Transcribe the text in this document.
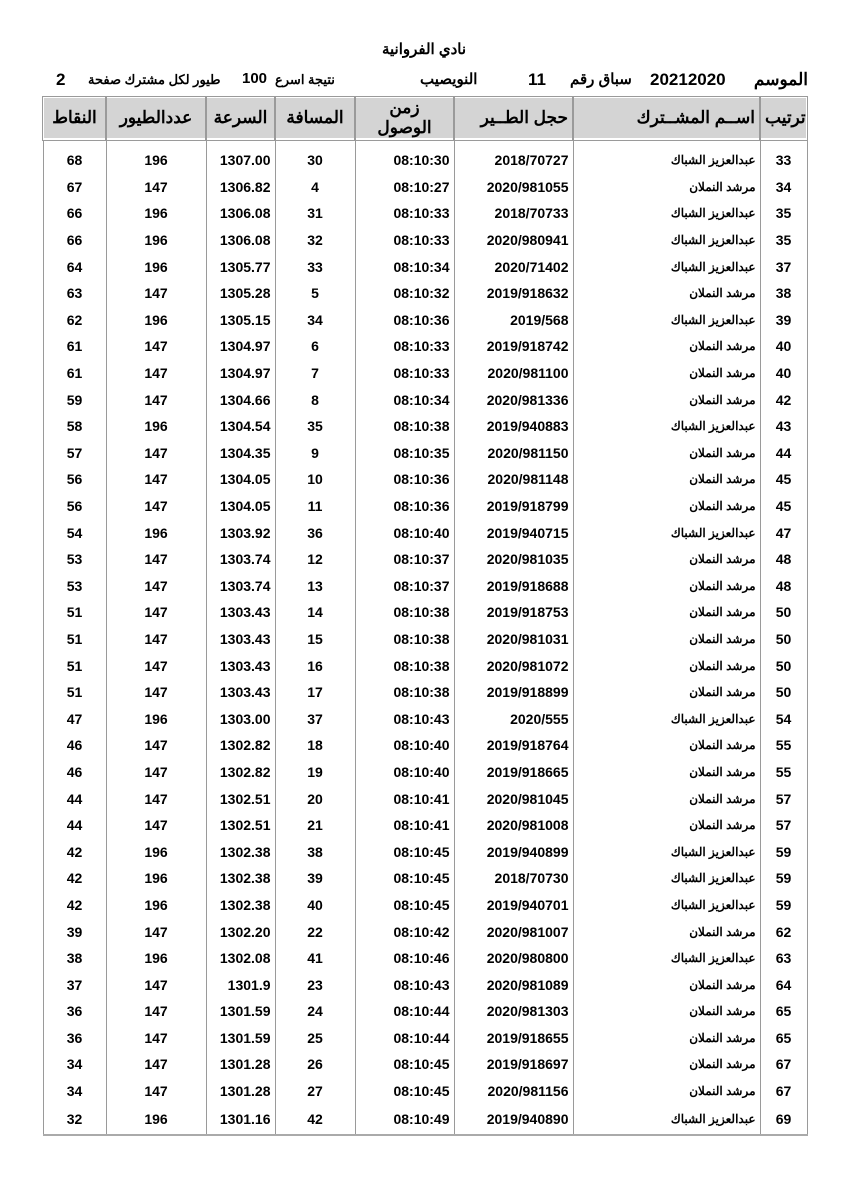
نادي الفروانية
الموسم
20212020
سباق رقم
11
النويصيب
نتيجة اسرع
100
طيور لكل مشترك صفحة
2
النقاط	عددالطيور	السرعة	المسافة	زمن الوصول	حجل الطــير	اســم المشــترك	ترتيب
68	196	1307.00	30	08:10:30	2018/70727	عبدالعزيز الشباك	33
67	147	1306.82	4	08:10:27	2020/981055	مرشد النملان	34
66	196	1306.08	31	08:10:33	2018/70733	عبدالعزيز الشباك	35
66	196	1306.08	32	08:10:33	2020/980941	عبدالعزيز الشباك	35
64	196	1305.77	33	08:10:34	2020/71402	عبدالعزيز الشباك	37
63	147	1305.28	5	08:10:32	2019/918632	مرشد النملان	38
62	196	1305.15	34	08:10:36	2019/568	عبدالعزيز الشباك	39
61	147	1304.97	6	08:10:33	2019/918742	مرشد النملان	40
61	147	1304.97	7	08:10:33	2020/981100	مرشد النملان	40
59	147	1304.66	8	08:10:34	2020/981336	مرشد النملان	42
58	196	1304.54	35	08:10:38	2019/940883	عبدالعزيز الشباك	43
57	147	1304.35	9	08:10:35	2020/981150	مرشد النملان	44
56	147	1304.05	10	08:10:36	2020/981148	مرشد النملان	45
56	147	1304.05	11	08:10:36	2019/918799	مرشد النملان	45
54	196	1303.92	36	08:10:40	2019/940715	عبدالعزيز الشباك	47
53	147	1303.74	12	08:10:37	2020/981035	مرشد النملان	48
53	147	1303.74	13	08:10:37	2019/918688	مرشد النملان	48
51	147	1303.43	14	08:10:38	2019/918753	مرشد النملان	50
51	147	1303.43	15	08:10:38	2020/981031	مرشد النملان	50
51	147	1303.43	16	08:10:38	2020/981072	مرشد النملان	50
51	147	1303.43	17	08:10:38	2019/918899	مرشد النملان	50
47	196	1303.00	37	08:10:43	2020/555	عبدالعزيز الشباك	54
46	147	1302.82	18	08:10:40	2019/918764	مرشد النملان	55
46	147	1302.82	19	08:10:40	2019/918665	مرشد النملان	55
44	147	1302.51	20	08:10:41	2020/981045	مرشد النملان	57
44	147	1302.51	21	08:10:41	2020/981008	مرشد النملان	57
42	196	1302.38	38	08:10:45	2019/940899	عبدالعزيز الشباك	59
42	196	1302.38	39	08:10:45	2018/70730	عبدالعزيز الشباك	59
42	196	1302.38	40	08:10:45	2019/940701	عبدالعزيز الشباك	59
39	147	1302.20	22	08:10:42	2020/981007	مرشد النملان	62
38	196	1302.08	41	08:10:46	2020/980800	عبدالعزيز الشباك	63
37	147	1301.9	23	08:10:43	2020/981089	مرشد النملان	64
36	147	1301.59	24	08:10:44	2020/981303	مرشد النملان	65
36	147	1301.59	25	08:10:44	2019/918655	مرشد النملان	65
34	147	1301.28	26	08:10:45	2019/918697	مرشد النملان	67
34	147	1301.28	27	08:10:45	2020/981156	مرشد النملان	67
32	196	1301.16	42	08:10:49	2019/940890	عبدالعزيز الشباك	69
